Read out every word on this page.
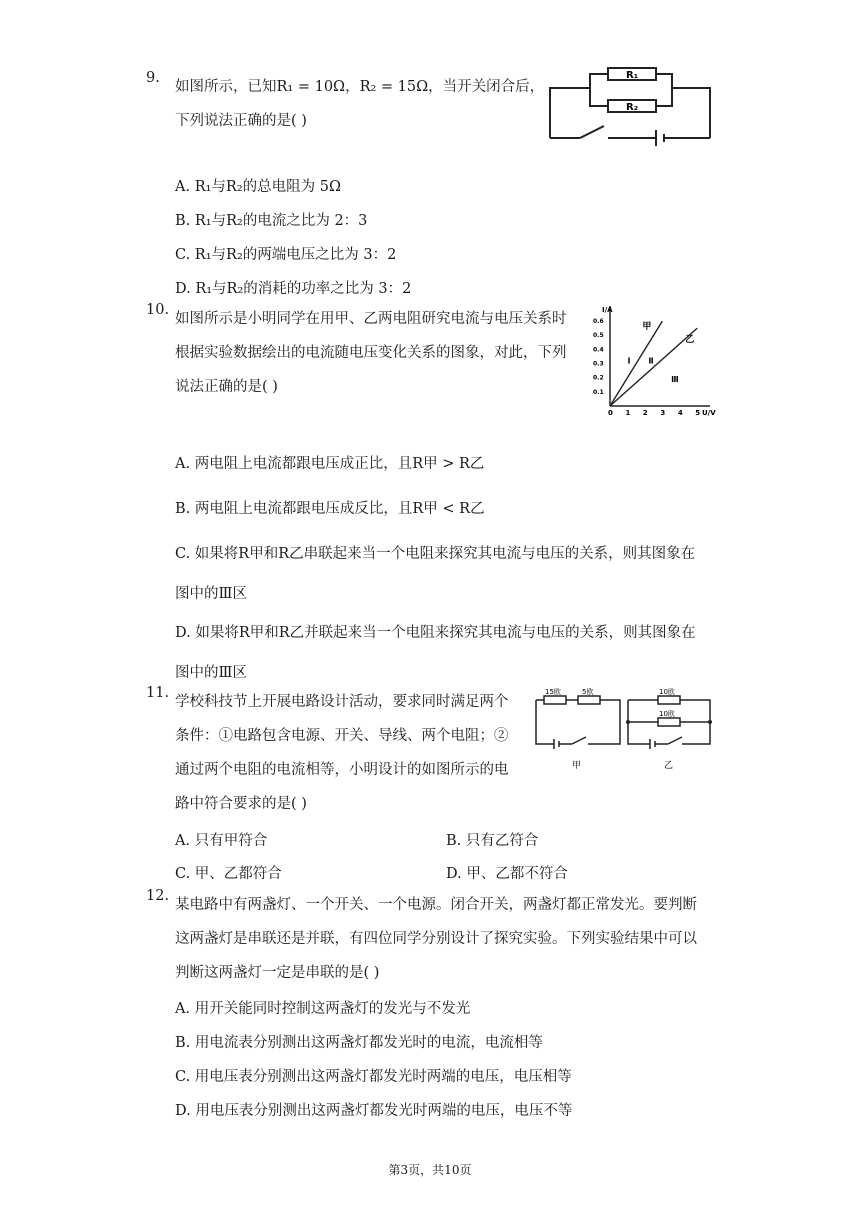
9.
如图所示，已知R₁ = 10Ω，R₂ = 15Ω，当开关闭合后，
下列说法正确的是( )
R₁
R₂
A. R₁与R₂的总电阻为 5Ω
B. R₁与R₂的电流之比为 2：3
C. R₁与R₂的两端电压之比为 3：2
D. R₁与R₂的消耗的功率之比为 3：2
10.
如图所示是小明同学在用甲、乙两电阻研究电流与电压关系时
根据实验数据绘出的电流随电压变化关系的图象，对此，下列
说法正确的是( )
I/A
U/V
0 1 2 3 4 5
0.1
0.2
0.3
0.4
0.5
0.6
甲
乙
Ⅰ Ⅱ
Ⅲ
A. 两电阻上电流都跟电压成正比，且R甲 > R乙
B. 两电阻上电流都跟电压成反比，且R甲 < R乙
C. 如果将R甲和R乙串联起来当一个电阻来探究其电流与电压的关系，则其图象在
图中的Ⅲ区
D. 如果将R甲和R乙并联起来当一个电阻来探究其电流与电压的关系，则其图象在
图中的Ⅲ区
11.
学校科技节上开展电路设计活动，要求同时满足两个
条件：①电路包含电源、开关、导线、两个电阻；②
通过两个电阻的电流相等，小明设计的如图所示的电
路中符合要求的是( )
15欧	5欧
甲
10欧
10欧
乙
A. 只有甲符合	B. 只有乙符合
C. 甲、乙都符合	D. 甲、乙都不符合
12.
某电路中有两盏灯、一个开关、一个电源。闭合开关，两盏灯都正常发光。要判断
这两盏灯是串联还是并联，有四位同学分别设计了探究实验。下列实验结果中可以
判断这两盏灯一定是串联的是( )
A. 用开关能同时控制这两盏灯的发光与不发光
B. 用电流表分别测出这两盏灯都发光时的电流，电流相等
C. 用电压表分别测出这两盏灯都发光时两端的电压，电压相等
D. 用电压表分别测出这两盏灯都发光时两端的电压，电压不等
第3页，共10页
